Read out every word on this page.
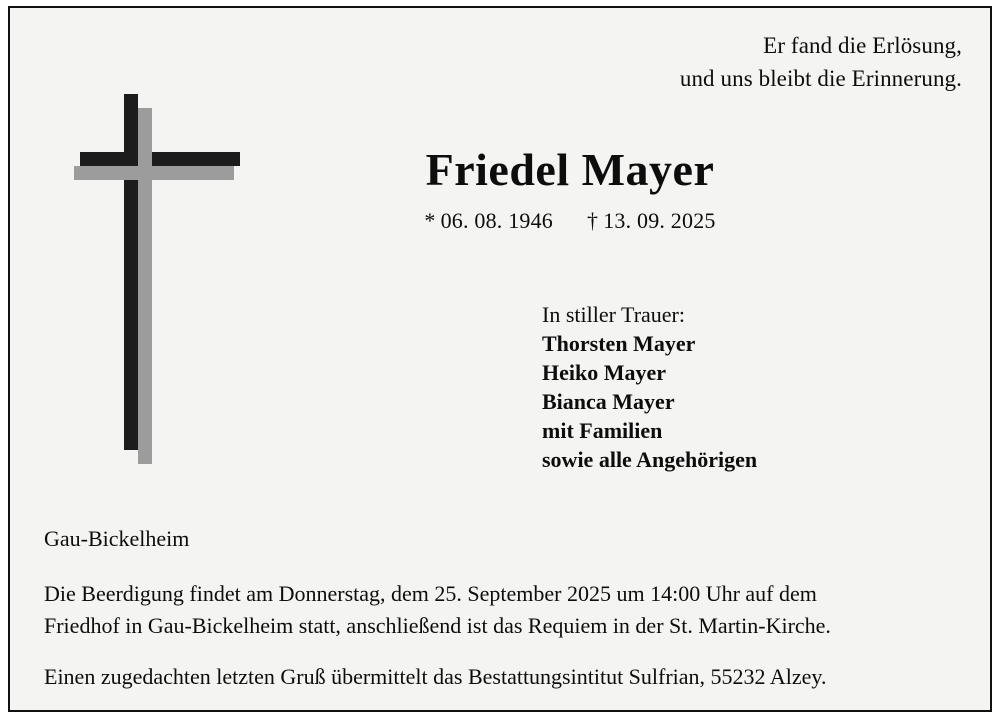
Er fand die Erlösung,
und uns bleibt die Erinnerung.
Friedel Mayer
* 06. 08. 1946 † 13. 09. 2025
In stiller Trauer:
Thorsten Mayer
Heiko Mayer
Bianca Mayer
mit Familien
sowie alle Angehörigen
Gau-Bickelheim
Die Beerdigung findet am Donnerstag, dem 25. September 2025 um 14:00 Uhr auf dem
Friedhof in Gau-Bickelheim statt, anschließend ist das Requiem in der St. Martin-Kirche.
Einen zugedachten letzten Gruß übermittelt das Bestattungsintitut Sulfrian, 55232 Alzey.
